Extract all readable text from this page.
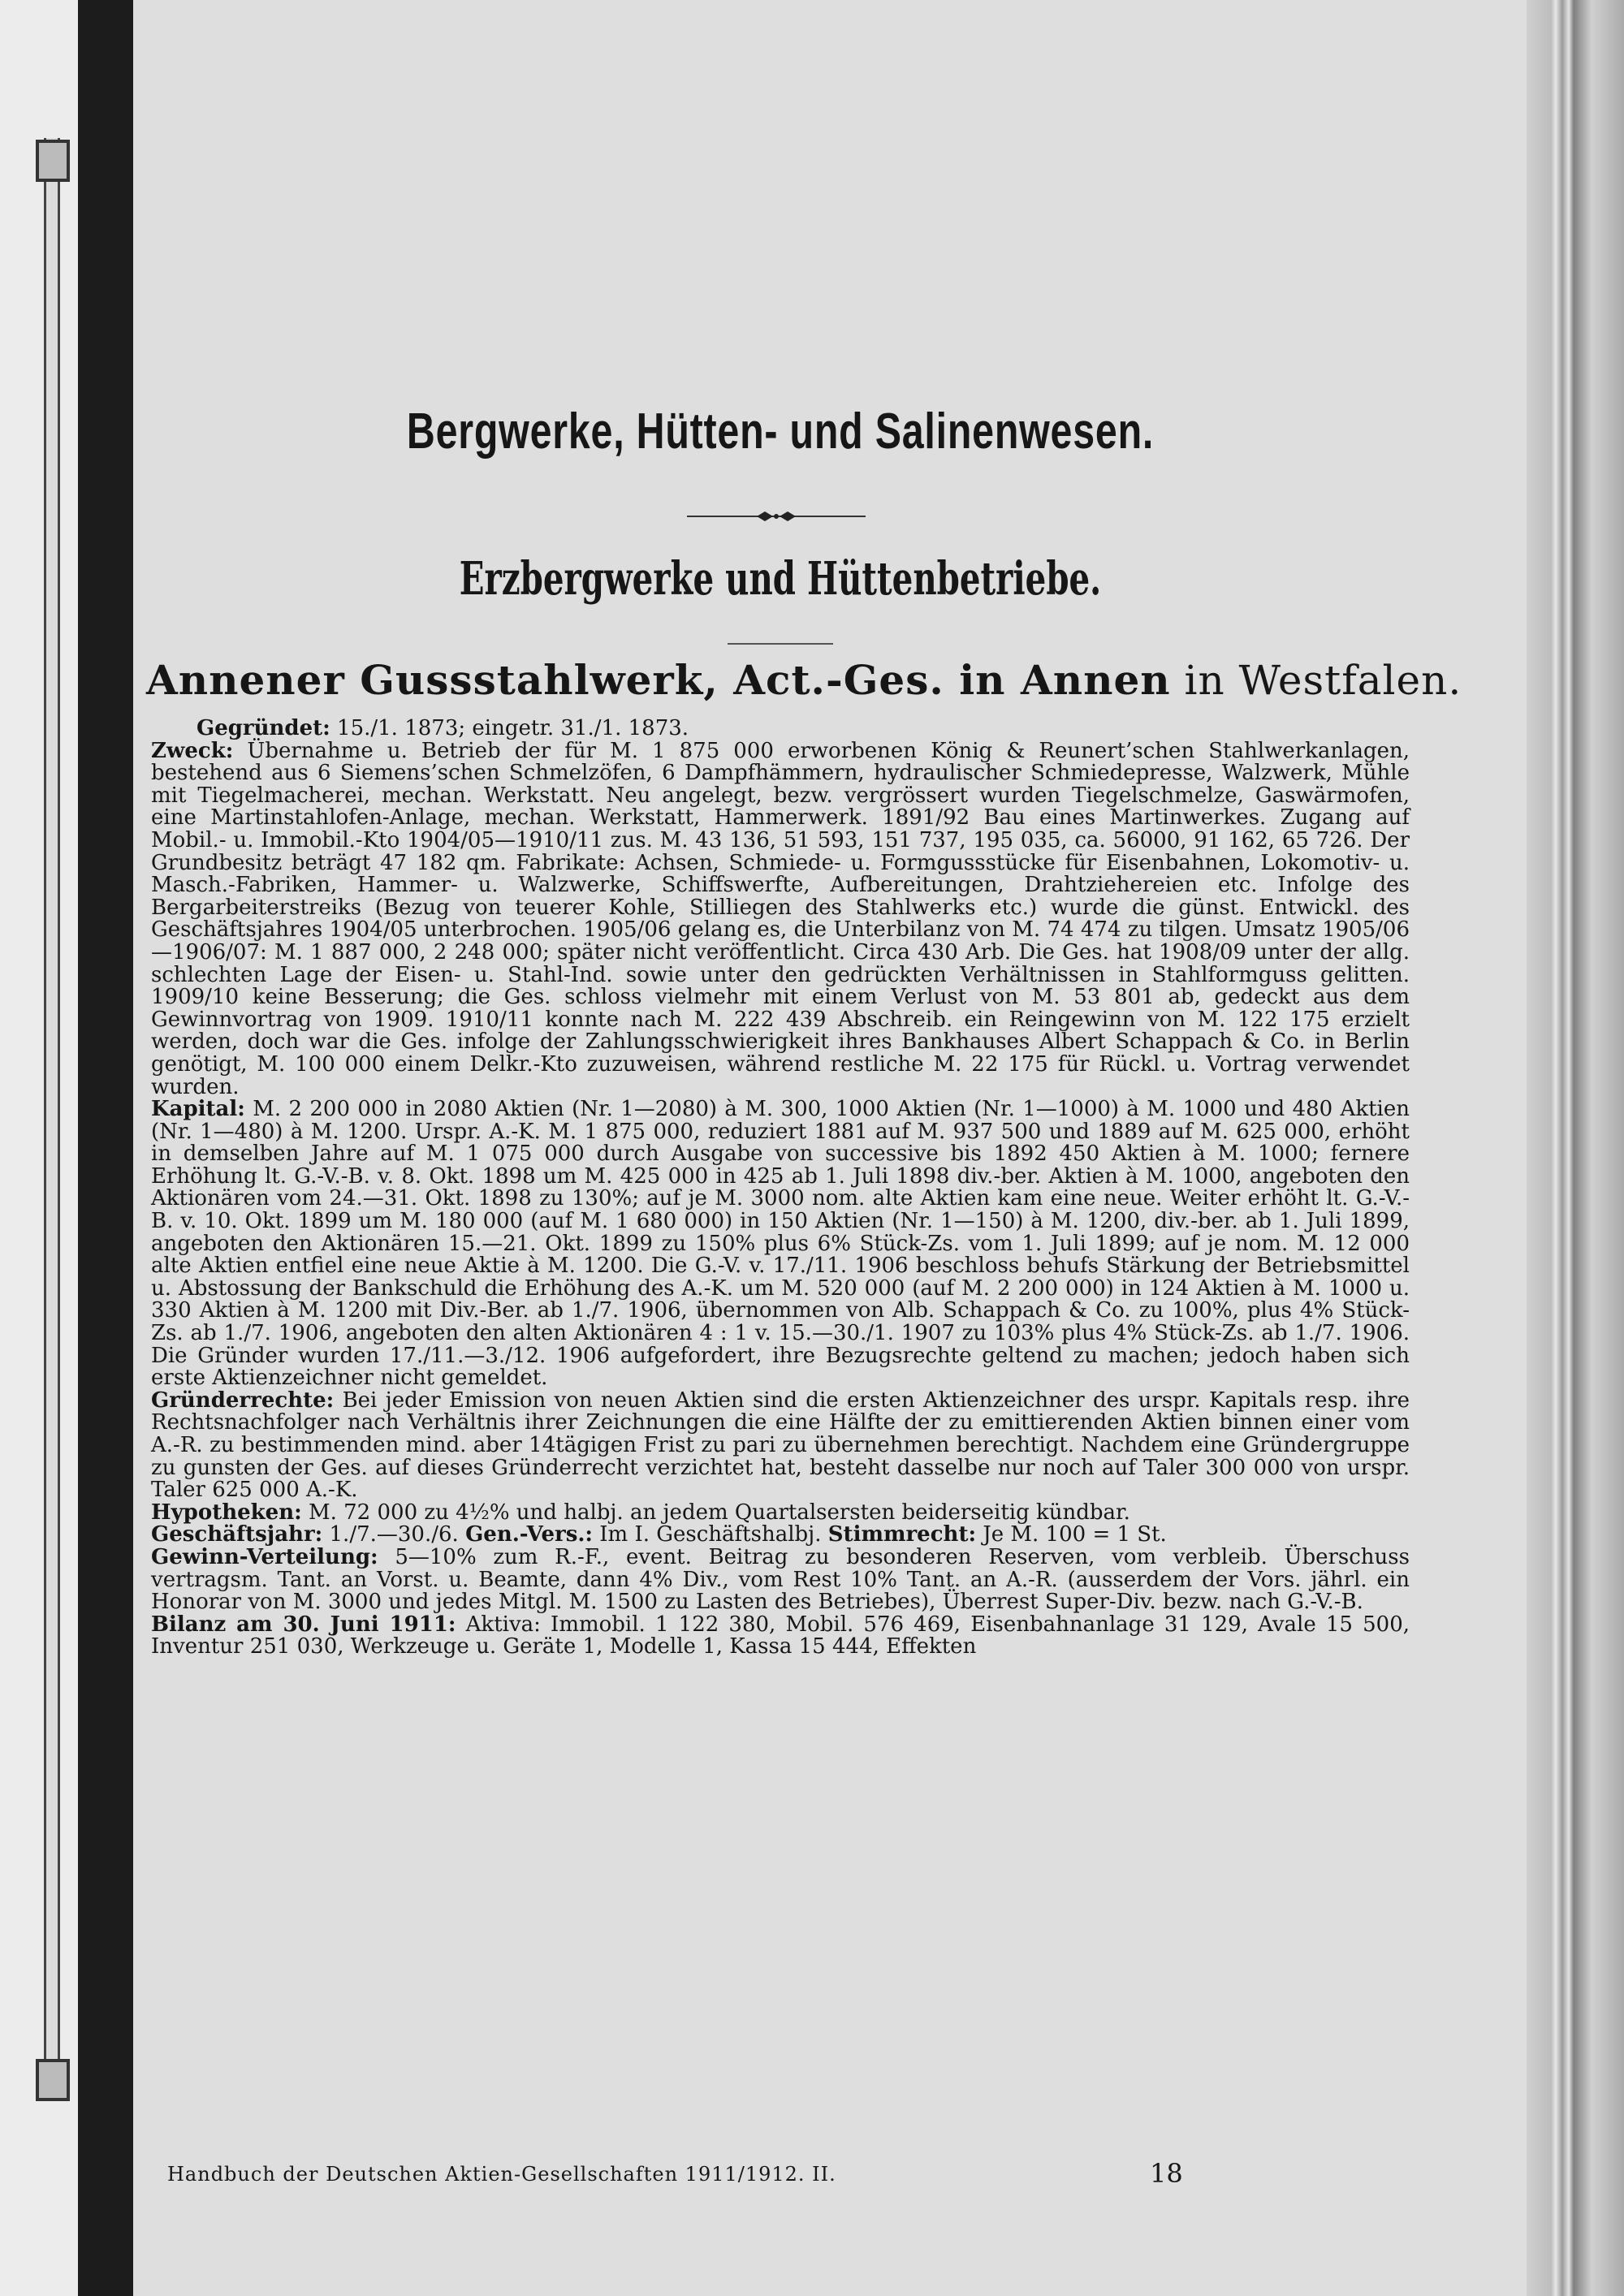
Bergwerke, Hütten- und Salinenwesen.
Erzbergwerke und Hüttenbetriebe.
Annener Gussstahlwerk, Act.-Ges. in Annen in Westfalen.

Gegründet: 15./1. 1873; eingetr. 31./1. 1873.

Zweck: Übernahme u. Betrieb der für M. 1 875 000 erworbenen König & Reunert’schen Stahlwerkanlagen, bestehend aus 6 Siemens’schen Schmelzöfen, 6 Dampfhämmern, hydraulischer Schmiedepresse, Walzwerk, Mühle mit Tiegelmacherei, mechan. Werkstatt. Neu angelegt, bezw. vergrössert wurden Tiegelschmelze, Gaswärmofen, eine Martinstahlofen-Anlage, mechan. Werkstatt, Hammerwerk. 1891/92 Bau eines Martinwerkes. Zugang auf Mobil.- u. Immobil.-Kto 1904/05—1910/11 zus. M. 43 136, 51 593, 151 737, 195 035, ca. 56000, 91 162, 65 726. Der Grundbesitz beträgt 47 182 qm. Fabrikate: Achsen, Schmiede- u. Formgussstücke für Eisenbahnen, Lokomotiv- u. Masch.-Fabriken, Hammer- u. Walzwerke, Schiffswerfte, Aufbereitungen, Drahtziehereien etc. Infolge des Bergarbeiterstreiks (Bezug von teuerer Kohle, Stilliegen des Stahlwerks etc.) wurde die günst. Entwickl. des Geschäftsjahres 1904/05 unterbrochen. 1905/06 gelang es, die Unterbilanz von M. 74 474 zu tilgen. Umsatz 1905/06—1906/07: M. 1 887 000, 2 248 000; später nicht veröffentlicht. Circa 430 Arb. Die Ges. hat 1908/09 unter der allg. schlechten Lage der Eisen- u. Stahl-Ind. sowie unter den gedrückten Verhältnissen in Stahlformguss gelitten. 1909/10 keine Besserung; die Ges. schloss vielmehr mit einem Verlust von M. 53 801 ab, gedeckt aus dem Gewinnvortrag von 1909. 1910/11 konnte nach M. 222 439 Abschreib. ein Reingewinn von M. 122 175 erzielt werden, doch war die Ges. infolge der Zahlungsschwierigkeit ihres Bankhauses Albert Schappach & Co. in Berlin genötigt, M. 100 000 einem Delkr.-Kto zuzuweisen, während restliche M. 22 175 für Rückl. u. Vortrag verwendet wurden.

Kapital: M. 2 200 000 in 2080 Aktien (Nr. 1—2080) à M. 300, 1000 Aktien (Nr. 1—1000) à M. 1000 und 480 Aktien (Nr. 1—480) à M. 1200. Urspr. A.-K. M. 1 875 000, reduziert 1881 auf M. 937 500 und 1889 auf M. 625 000, erhöht in demselben Jahre auf M. 1 075 000 durch Ausgabe von successive bis 1892 450 Aktien à M. 1000; fernere Erhöhung lt. G.-V.-B. v. 8. Okt. 1898 um M. 425 000 in 425 ab 1. Juli 1898 div.-ber. Aktien à M. 1000, angeboten den Aktionären vom 24.—31. Okt. 1898 zu 130%; auf je M. 3000 nom. alte Aktien kam eine neue. Weiter erhöht lt. G.-V.-B. v. 10. Okt. 1899 um M. 180 000 (auf M. 1 680 000) in 150 Aktien (Nr. 1—150) à M. 1200, div.-ber. ab 1. Juli 1899, angeboten den Aktionären 15.—21. Okt. 1899 zu 150% plus 6% Stück-Zs. vom 1. Juli 1899; auf je nom. M. 12 000 alte Aktien entfiel eine neue Aktie à M. 1200. Die G.-V. v. 17./11. 1906 beschloss behufs Stärkung der Betriebsmittel u. Abstossung der Bankschuld die Erhöhung des A.-K. um M. 520 000 (auf M. 2 200 000) in 124 Aktien à M. 1000 u. 330 Aktien à M. 1200 mit Div.-Ber. ab 1./7. 1906, übernommen von Alb. Schappach & Co. zu 100%, plus 4% Stück-Zs. ab 1./7. 1906, angeboten den alten Aktionären 4 : 1 v. 15.—30./1. 1907 zu 103% plus 4% Stück-Zs. ab 1./7. 1906. Die Gründer wurden 17./11.—3./12. 1906 aufgefordert, ihre Bezugsrechte geltend zu machen; jedoch haben sich erste Aktienzeichner nicht gemeldet.

Gründerrechte: Bei jeder Emission von neuen Aktien sind die ersten Aktienzeichner des urspr. Kapitals resp. ihre Rechtsnachfolger nach Verhältnis ihrer Zeichnungen die eine Hälfte der zu emittierenden Aktien binnen einer vom A.-R. zu bestimmenden mind. aber 14tägigen Frist zu pari zu übernehmen berechtigt. Nachdem eine Gründergruppe zu gunsten der Ges. auf dieses Gründerrecht verzichtet hat, besteht dasselbe nur noch auf Taler 300 000 von urspr. Taler 625 000 A.-K.

Hypotheken: M. 72 000 zu 4½% und halbj. an jedem Quartalsersten beiderseitig kündbar.

Geschäftsjahr: 1./7.—30./6. Gen.-Vers.: Im I. Geschäftshalbj. Stimmrecht: Je M. 100 = 1 St.

Gewinn-Verteilung: 5—10% zum R.-F., event. Beitrag zu besonderen Reserven, vom verbleib. Überschuss vertragsm. Tant. an Vorst. u. Beamte, dann 4% Div., vom Rest 10% Tant. an A.-R. (ausserdem der Vors. jährl. ein Honorar von M. 3000 und jedes Mitgl. M. 1500 zu Lasten des Betriebes), Überrest Super-Div. bezw. nach G.-V.-B.

Bilanz am 30. Juni 1911: Aktiva: Immobil. 1 122 380, Mobil. 576 469, Eisenbahnanlage 31 129, Avale 15 500, Inventur 251 030, Werkzeuge u. Geräte 1, Modelle 1, Kassa 15 444, Effekten

Handbuch der Deutschen Aktien-Gesellschaften 1911/1912. II.	18
